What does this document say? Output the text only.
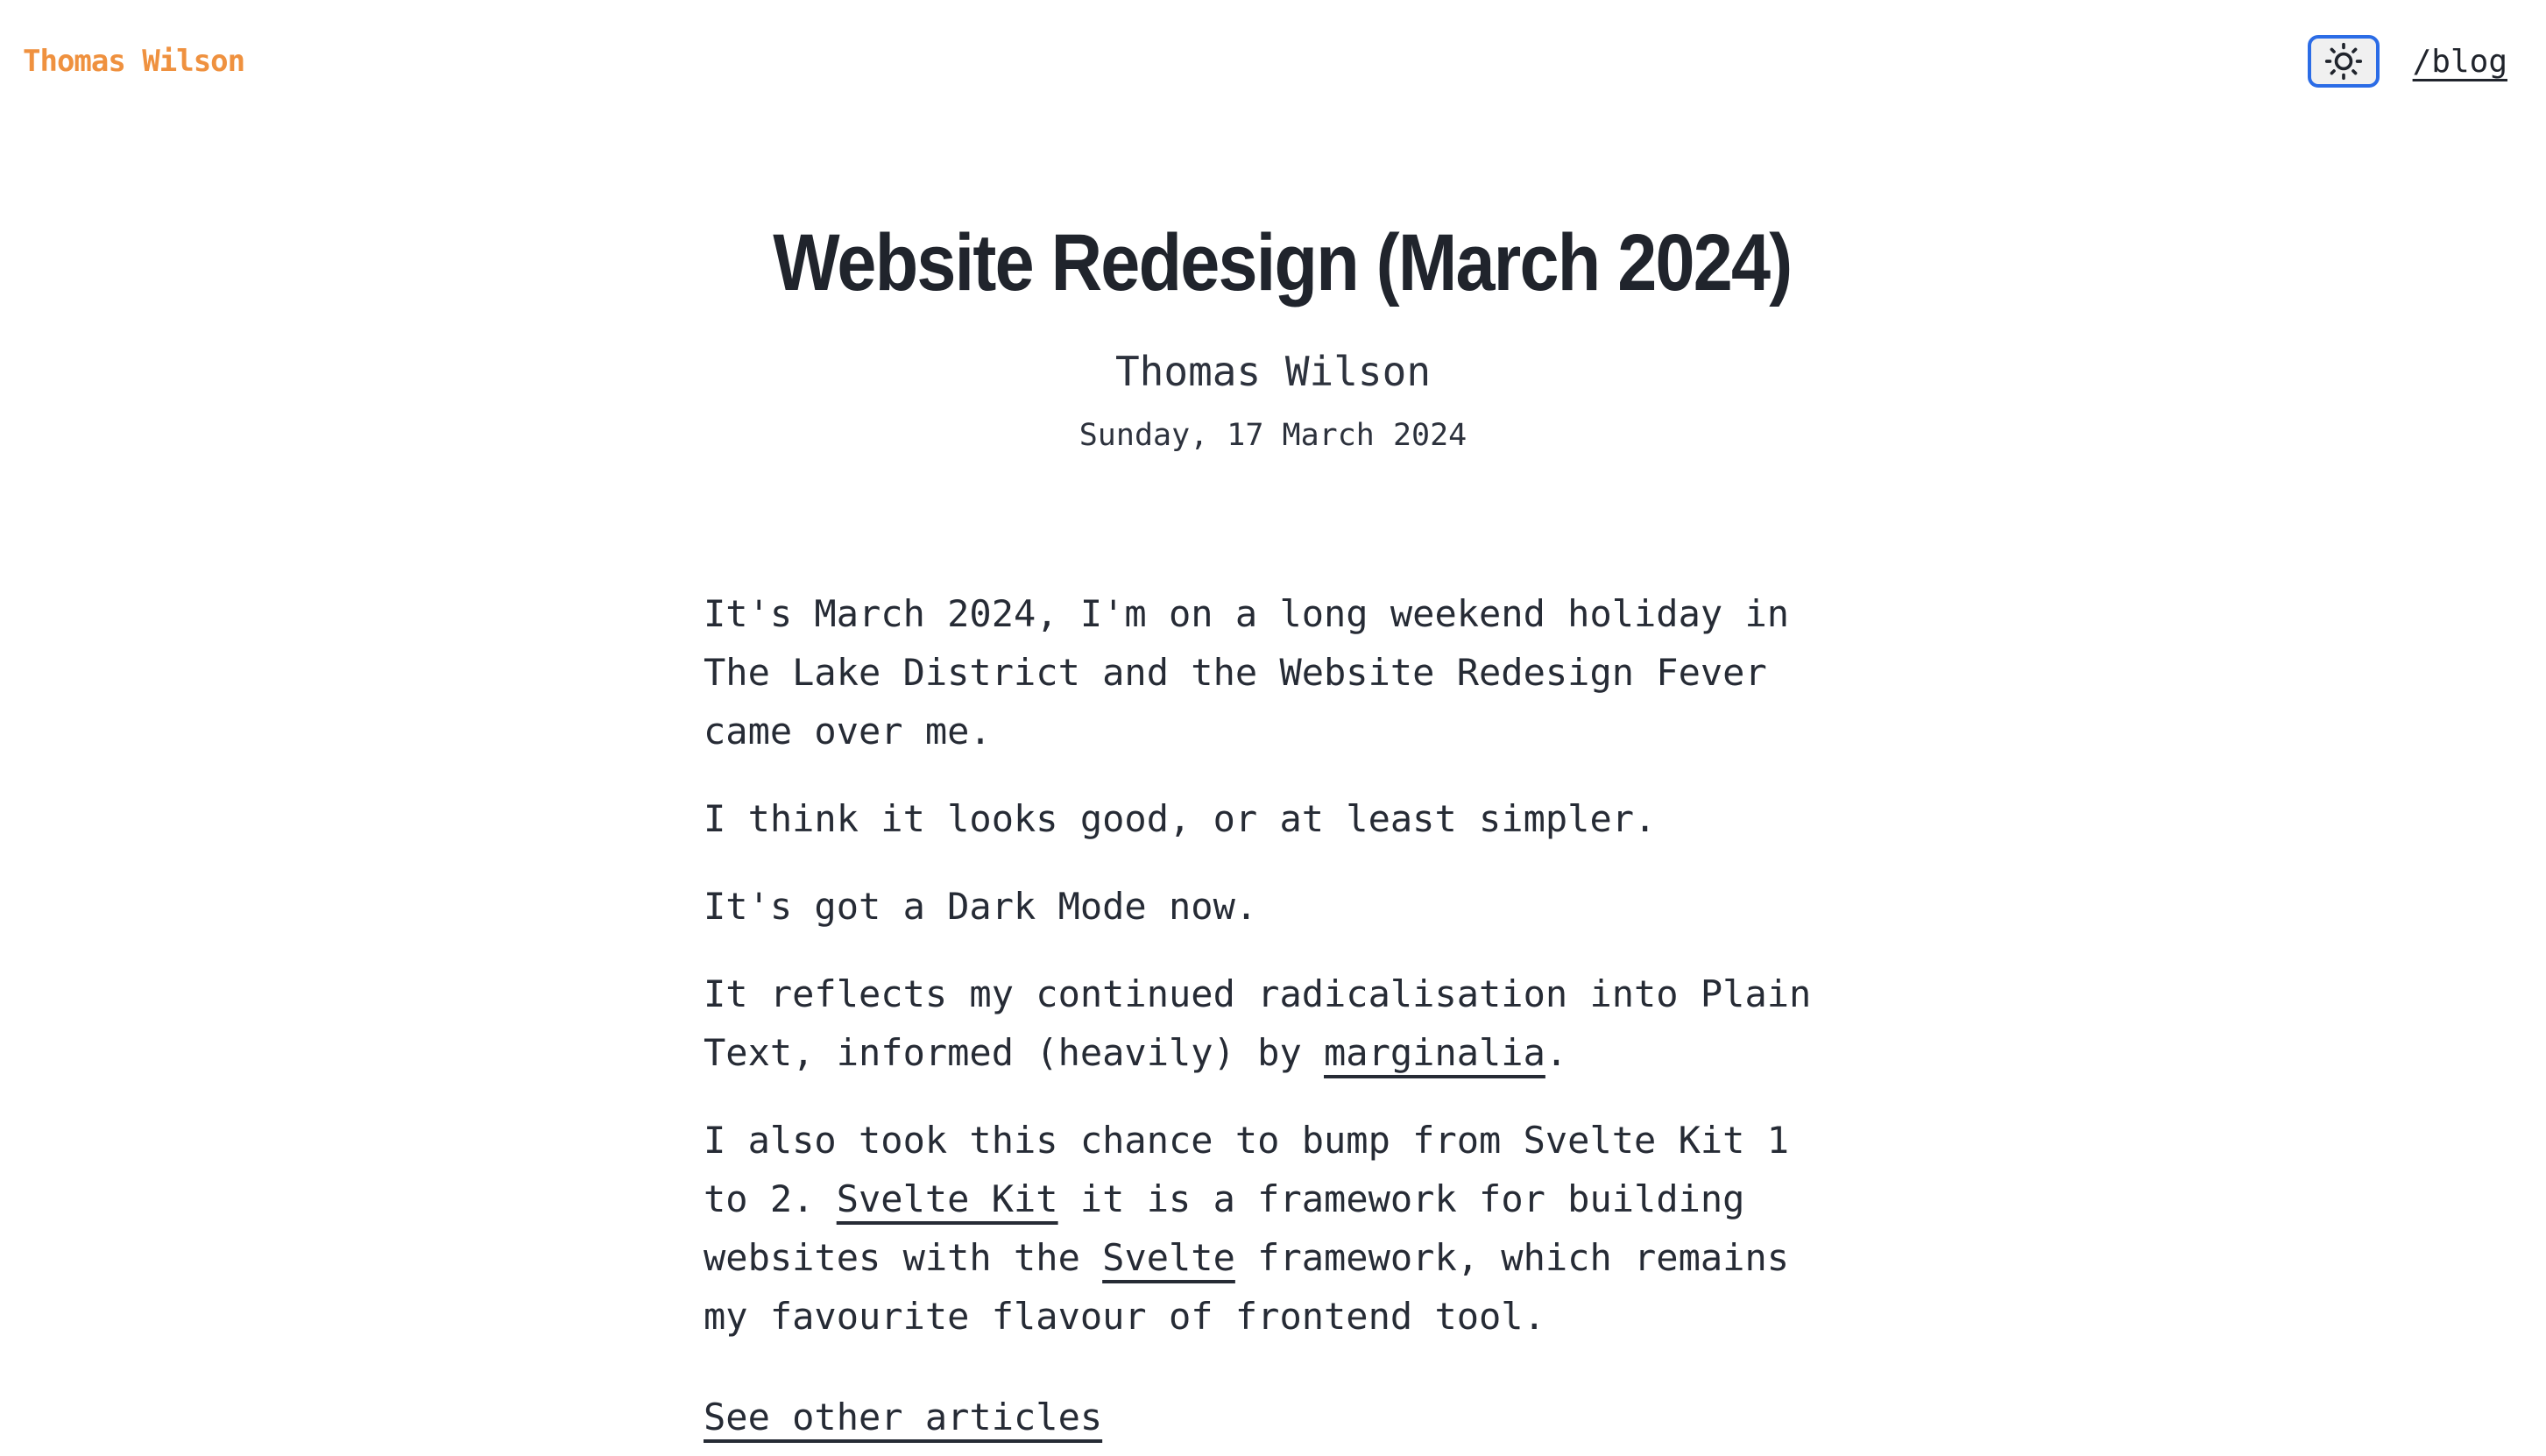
Thomas Wilson	/blog
Website Redesign (March 2024)
Thomas Wilson
Sunday, 17 March 2024

It's March 2024, I'm on a long weekend holiday in The Lake District and the Website Redesign Fever came over me.

I think it looks good, or at least simpler.

It's got a Dark Mode now.

It reflects my continued radicalisation into Plain Text, informed (heavily) by marginalia.

I also took this chance to bump from Svelte Kit 1 to 2. Svelte Kit it is a framework for building websites with the Svelte framework, which remains my favourite flavour of frontend tool.

See other articles
